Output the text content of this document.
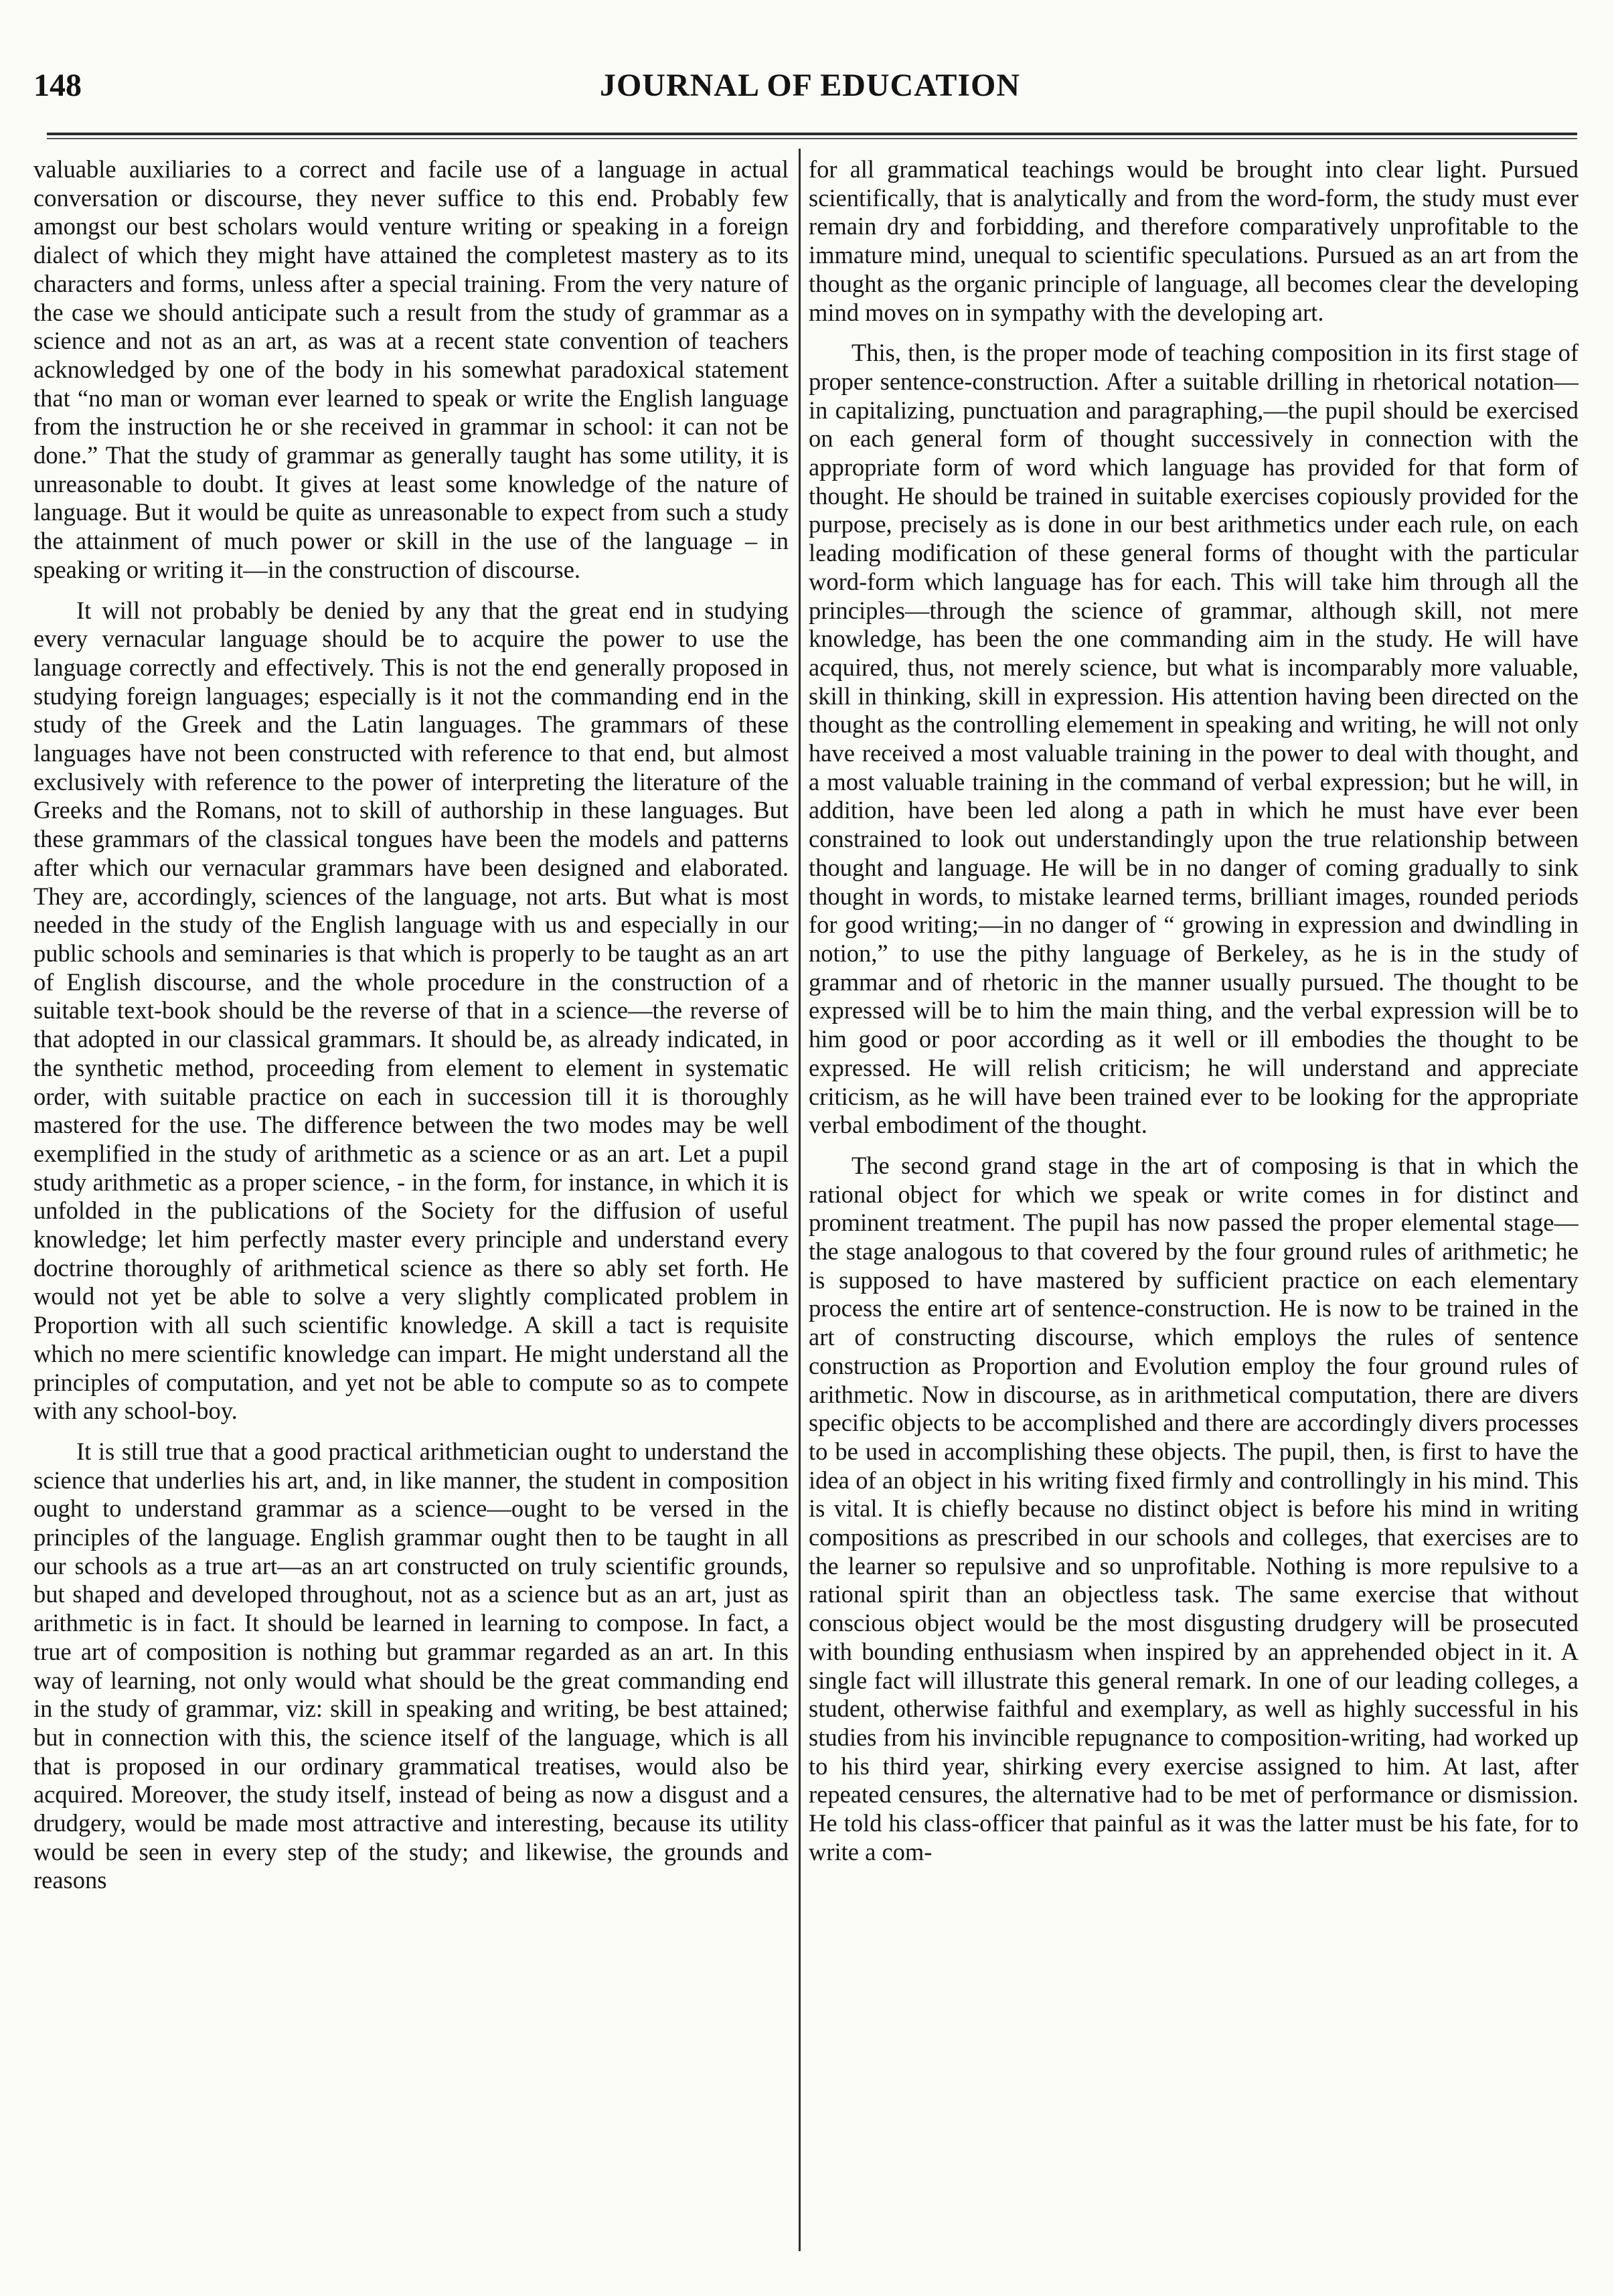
148	JOURNAL OF EDUCATION

valuable auxiliaries to a correct and facile use of a language in actual conversation or discourse, they never suffice to this end. Probably few amongst our best scholars would venture writing or speaking in a foreign dialect of which they might have attained the completest mastery as to its characters and forms, unless after a special training. From the very nature of the case we should anticipate such a result from the study of grammar as a science and not as an art, as was at a recent state convention of teachers acknowledged by one of the body in his somewhat paradoxical statement that “no man or woman ever learned to speak or write the English language from the instruction he or she received in grammar in school: it can not be done.” That the study of grammar as generally taught has some utility, it is unreasonable to doubt. It gives at least some knowledge of the nature of language. But it would be quite as unreasonable to expect from such a study the attainment of much power or skill in the use of the language – in speaking or writing it—in the construction of discourse.

It will not probably be denied by any that the great end in studying every vernacular language should be to acquire the power to use the language correctly and effectively. This is not the end generally proposed in studying foreign languages; especially is it not the commanding end in the study of the Greek and the Latin languages. The grammars of these languages have not been constructed with reference to that end, but almost exclusively with reference to the power of interpreting the literature of the Greeks and the Romans, not to skill of authorship in these languages. But these grammars of the classical tongues have been the models and patterns after which our vernacular grammars have been designed and elaborated. They are, accordingly, sciences of the language, not arts. But what is most needed in the study of the English language with us and especially in our public schools and seminaries is that which is properly to be taught as an art of English discourse, and the whole procedure in the construction of a suitable text-book should be the reverse of that in a science—the reverse of that adopted in our classical grammars. It should be, as already indicated, in the synthetic method, proceeding from element to element in systematic order, with suitable practice on each in succession till it is thoroughly mastered for the use. The difference between the two modes may be well exemplified in the study of arithmetic as a science or as an art. Let a pupil study arithmetic as a proper science, - in the form, for instance, in which it is unfolded in the publications of the Society for the diffusion of useful knowledge; let him perfectly master every principle and understand every doctrine thoroughly of arithmetical science as there so ably set forth. He would not yet be able to solve a very slightly complicated problem in Proportion with all such scientific knowledge. A skill a tact is requisite which no mere scientific knowledge can impart. He might understand all the principles of computation, and yet not be able to compute so as to compete with any school-boy.

It is still true that a good practical arithmetician ought to understand the science that underlies his art, and, in like manner, the student in composition ought to understand grammar as a science—ought to be versed in the principles of the language. English grammar ought then to be taught in all our schools as a true art—as an art constructed on truly scientific grounds, but shaped and developed throughout, not as a science but as an art, just as arithmetic is in fact. It should be learned in learning to compose. In fact, a true art of composition is nothing but grammar regarded as an art. In this way of learning, not only would what should be the great commanding end in the study of grammar, viz: skill in speaking and writing, be best attained; but in connection with this, the science itself of the language, which is all that is proposed in our ordinary grammatical treatises, would also be acquired. Moreover, the study itself, instead of being as now a disgust and a drudgery, would be made most attractive and interesting, because its utility would be seen in every step of the study; and likewise, the grounds and reasons

for all grammatical teachings would be brought into clear light. Pursued scientifically, that is analytically and from the word-form, the study must ever remain dry and forbidding, and therefore comparatively unprofitable to the immature mind, unequal to scientific speculations. Pursued as an art from the thought as the organic principle of language, all becomes clear the developing mind moves on in sympathy with the developing art.

This, then, is the proper mode of teaching composition in its first stage of proper sentence-construction. After a suitable drilling in rhetorical notation—in capitalizing, punctuation and paragraphing,—the pupil should be exercised on each general form of thought successively in connection with the appropriate form of word which language has provided for that form of thought. He should be trained in suitable exercises copiously provided for the purpose, precisely as is done in our best arithmetics under each rule, on each leading modification of these general forms of thought with the particular word-form which language has for each. This will take him through all the principles—through the science of grammar, although skill, not mere knowledge, has been the one commanding aim in the study. He will have acquired, thus, not merely science, but what is incomparably more valuable, skill in thinking, skill in expression. His attention having been directed on the thought as the controlling elemement in speaking and writing, he will not only have received a most valuable training in the power to deal with thought, and a most valuable training in the command of verbal expression; but he will, in addition, have been led along a path in which he must have ever been constrained to look out understandingly upon the true relationship between thought and language. He will be in no danger of coming gradually to sink thought in words, to mistake learned terms, brilliant images, rounded periods for good writing;—in no danger of “ growing in expression and dwindling in notion,” to use the pithy language of Berkeley, as he is in the study of grammar and of rhetoric in the manner usually pursued. The thought to be expressed will be to him the main thing, and the verbal expression will be to him good or poor according as it well or ill embodies the thought to be expressed. He will relish criticism; he will understand and appreciate criticism, as he will have been trained ever to be looking for the appropriate verbal embodiment of the thought.

The second grand stage in the art of composing is that in which the rational object for which we speak or write comes in for distinct and prominent treatment. The pupil has now passed the proper elemental stage—the stage analogous to that covered by the four ground rules of arithmetic; he is supposed to have mastered by sufficient practice on each elementary process the entire art of sentence-construction. He is now to be trained in the art of constructing discourse, which employs the rules of sentence construction as Proportion and Evolution employ the four ground rules of arithmetic. Now in discourse, as in arithmetical computation, there are divers specific objects to be accomplished and there are accordingly divers processes to be used in accomplishing these objects. The pupil, then, is first to have the idea of an object in his writing fixed firmly and controllingly in his mind. This is vital. It is chiefly because no distinct object is before his mind in writing compositions as prescribed in our schools and colleges, that exercises are to the learner so repulsive and so unprofitable. Nothing is more repulsive to a rational spirit than an objectless task. The same exercise that without conscious object would be the most disgusting drudgery will be prosecuted with bounding enthusiasm when inspired by an apprehended object in it. A single fact will illustrate this general remark. In one of our leading colleges, a student, otherwise faithful and exemplary, as well as highly successful in his studies from his invincible repugnance to composition-writing, had worked up to his third year, shirking every exercise assigned to him. At last, after repeated censures, the alternative had to be met of performance or dismission. He told his class-officer that painful as it was the latter must be his fate, for to write a com-
